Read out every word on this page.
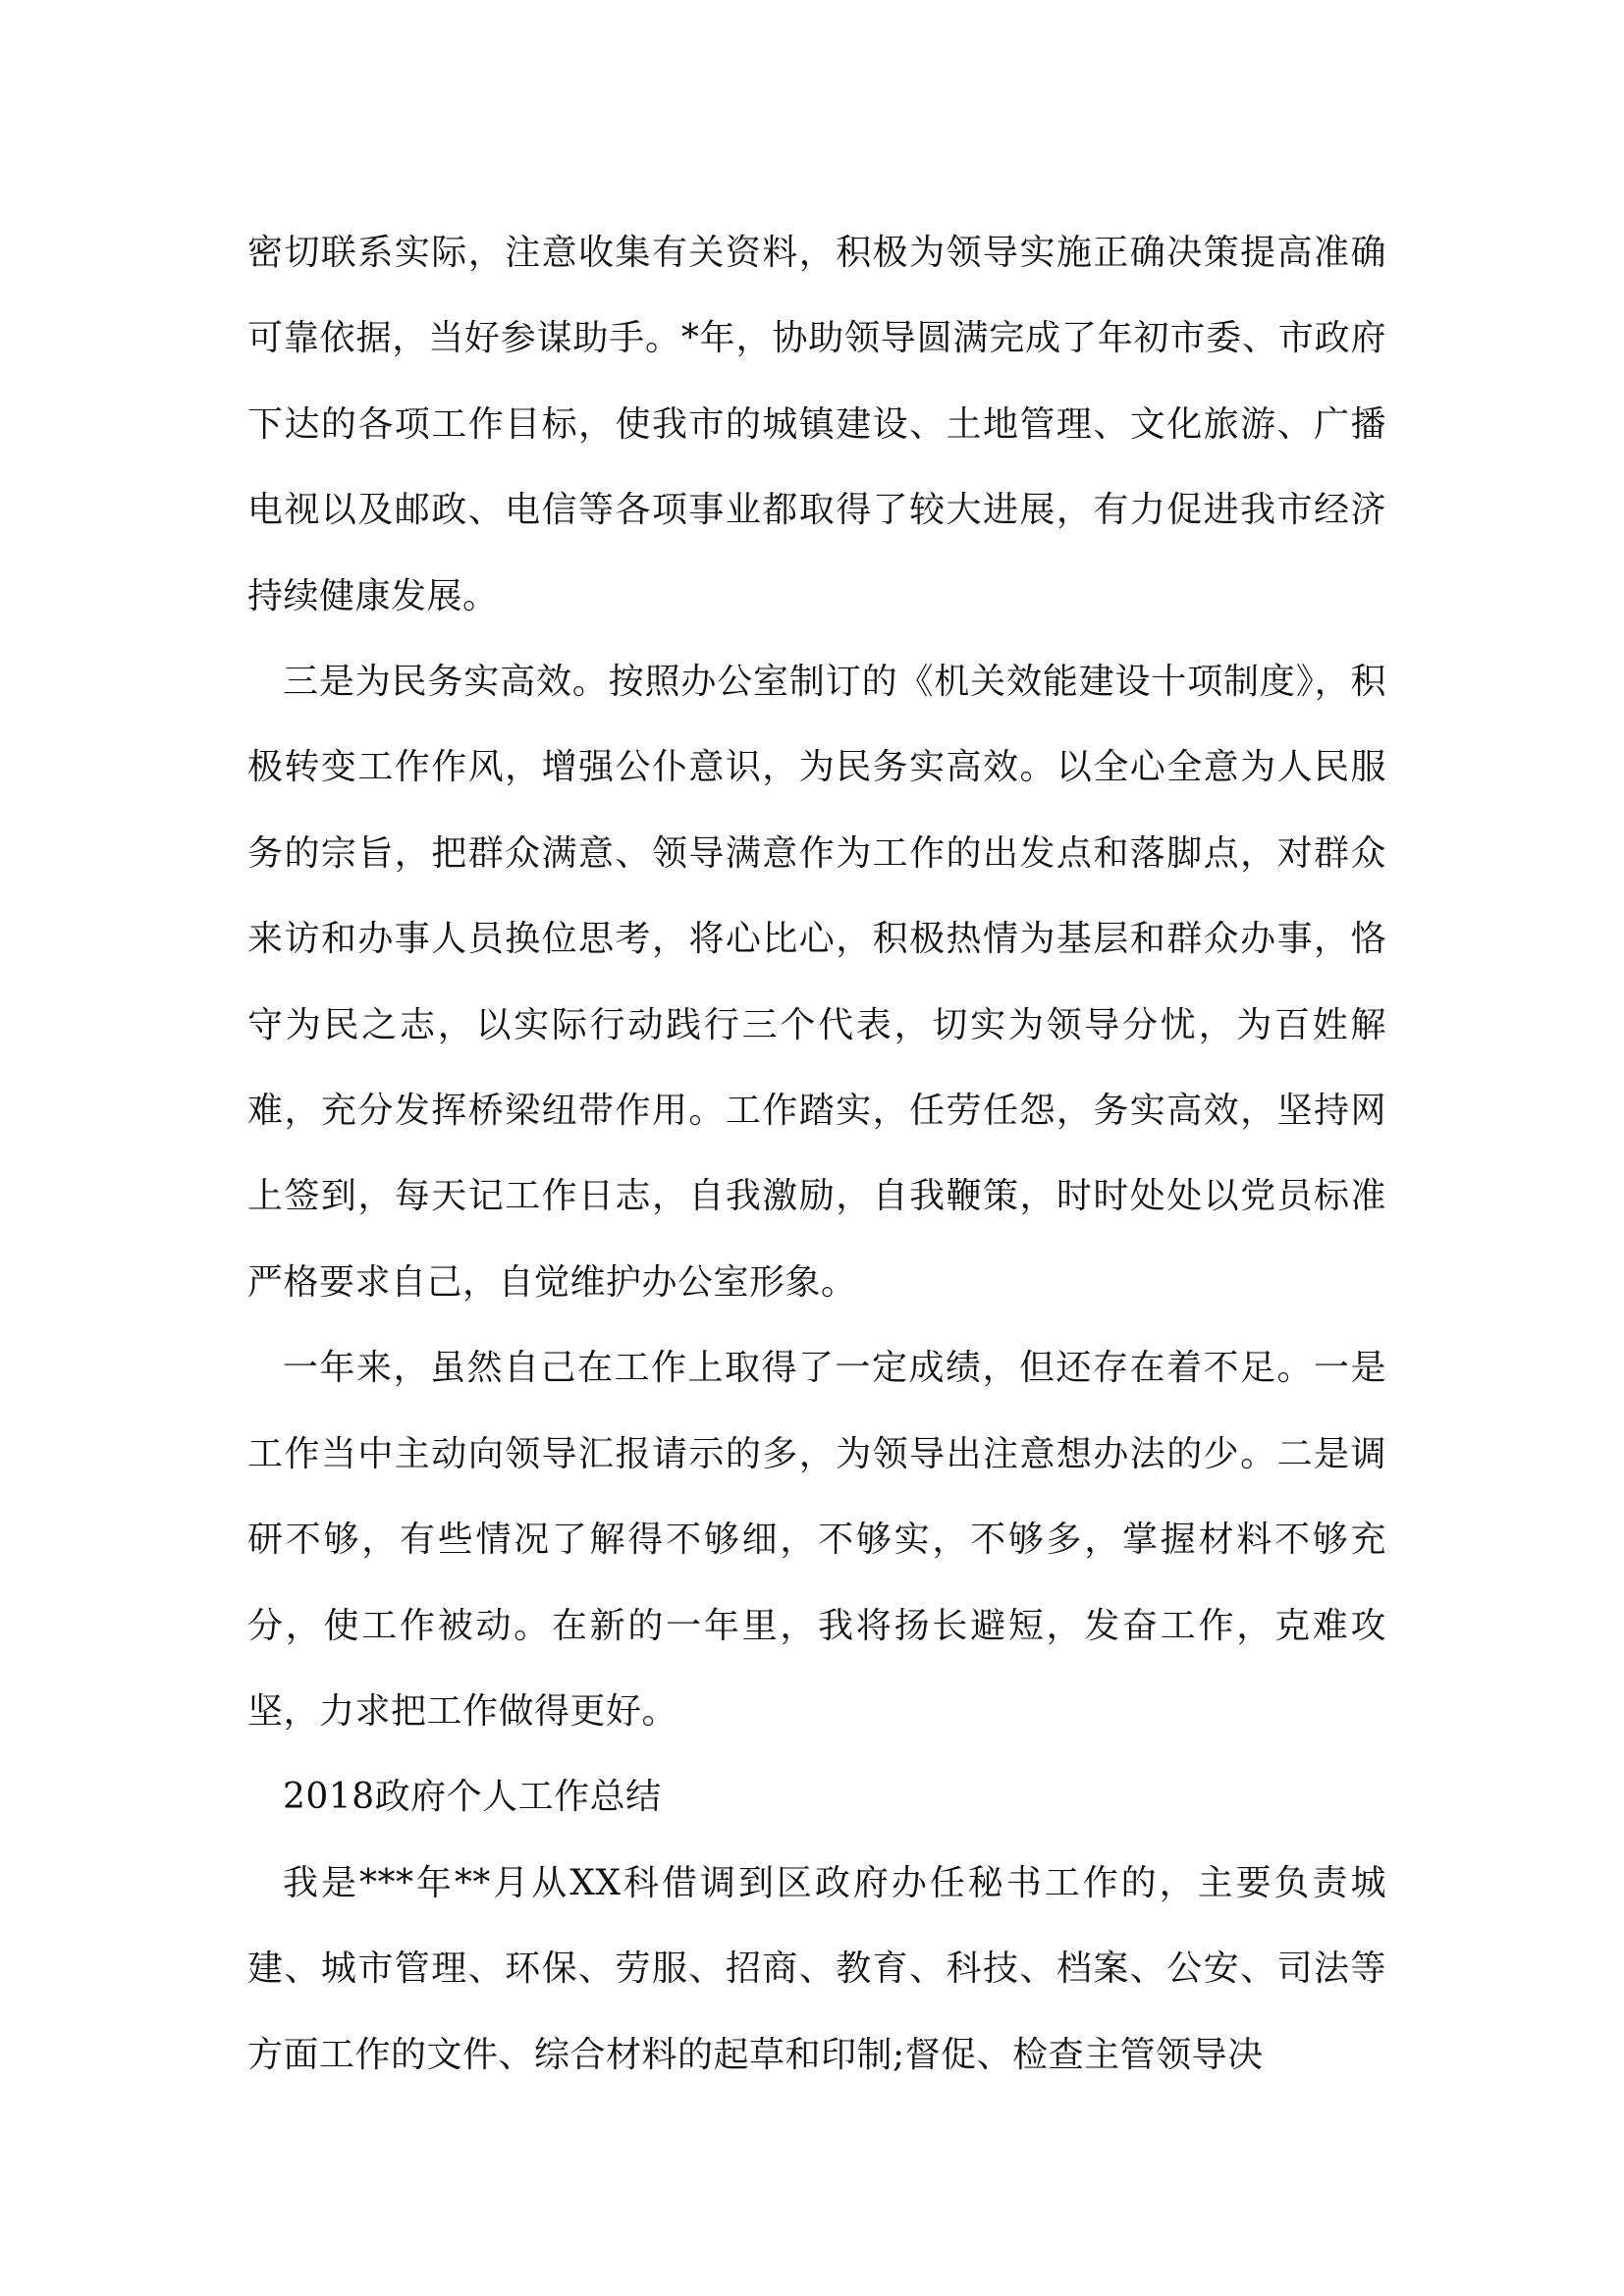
密切联系实际，注意收集有关资料，积极为领导实施正确决策提高准确可靠依据，当好参谋助手。*年，协助领导圆满完成了年初市委、市政府下达的各项工作目标，使我市的城镇建设、土地管理、文化旅游、广播电视以及邮政、电信等各项事业都取得了较大进展，有力促进我市经济持续健康发展。

三是为民务实高效。按照办公室制订的《机关效能建设十项制度》，积极转变工作作风，增强公仆意识，为民务实高效。以全心全意为人民服务的宗旨，把群众满意、领导满意作为工作的出发点和落脚点，对群众来访和办事人员换位思考，将心比心，积极热情为基层和群众办事，恪守为民之志，以实际行动践行三个代表，切实为领导分忧，为百姓解难，充分发挥桥梁纽带作用。工作踏实，任劳任怨，务实高效，坚持网上签到，每天记工作日志，自我激励，自我鞭策，时时处处以党员标准严格要求自己，自觉维护办公室形象。

一年来，虽然自己在工作上取得了一定成绩，但还存在着不足。一是工作当中主动向领导汇报请示的多，为领导出注意想办法的少。二是调研不够，有些情况了解得不够细，不够实，不够多，掌握材料不够充分，使工作被动。在新的一年里，我将扬长避短，发奋工作，克难攻坚，力求把工作做得更好。

2018政府个人工作总结

我是***年**月从XX科借调到区政府办任秘书工作的，主要负责城建、城市管理、环保、劳服、招商、教育、科技、档案、公安、司法等方面工作的文件、综合材料的起草和印制;督促、检查主管领导决
